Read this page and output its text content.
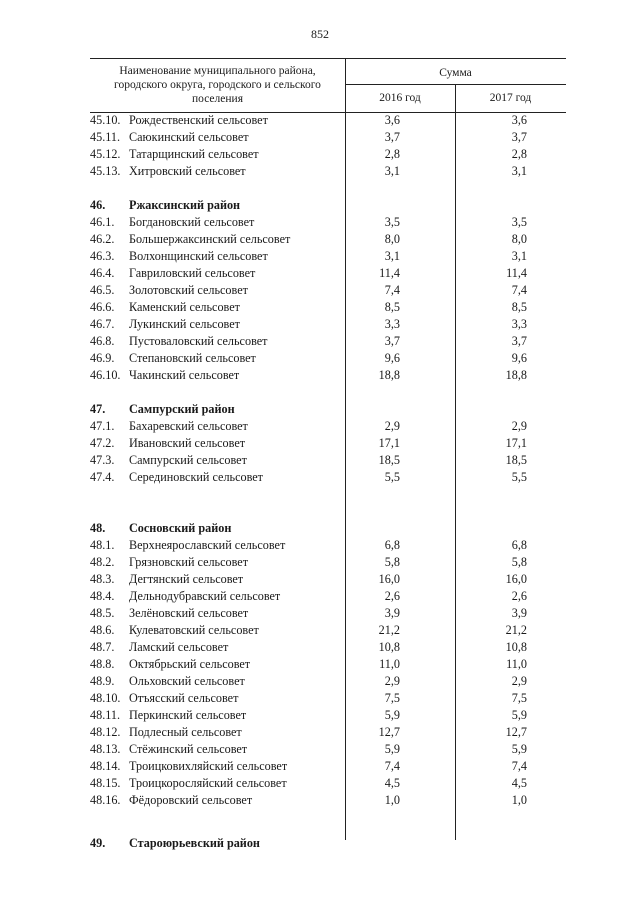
852
Наименование муниципального района, городского округа, городского и сельского поселения
Сумма
2016 год	2017 год
45.10. Рождественский сельсовет	3,6	3,6
45.11. Саюкинский сельсовет	3,7	3,7
45.12. Татарщинский сельсовет	2,8	2,8
45.13. Хитровский сельсовет	3,1	3,1
46. Ржаксинский район
46.1. Богдановский сельсовет	3,5	3,5
46.2. Большержаксинский сельсовет	8,0	8,0
46.3. Волхонщинский сельсовет	3,1	3,1
46.4. Гавриловский сельсовет	11,4	11,4
46.5. Золотовский сельсовет	7,4	7,4
46.6. Каменский сельсовет	8,5	8,5
46.7. Лукинский сельсовет	3,3	3,3
46.8. Пустоваловский сельсовет	3,7	3,7
46.9. Степановский сельсовет	9,6	9,6
46.10. Чакинский сельсовет	18,8	18,8
47. Сампурский район
47.1. Бахаревский сельсовет	2,9	2,9
47.2. Ивановский сельсовет	17,1	17,1
47.3. Сампурский сельсовет	18,5	18,5
47.4. Серединовский сельсовет	5,5	5,5
48. Сосновский район
48.1. Верхнеярославский сельсовет	6,8	6,8
48.2. Грязновский сельсовет	5,8	5,8
48.3. Дегтянский сельсовет	16,0	16,0
48.4. Дельнодубравский сельсовет	2,6	2,6
48.5. Зелёновский сельсовет	3,9	3,9
48.6. Кулеватовский сельсовет	21,2	21,2
48.7. Ламский сельсовет	10,8	10,8
48.8. Октябрьский сельсовет	11,0	11,0
48.9. Ольховский сельсовет	2,9	2,9
48.10. Отъясский сельсовет	7,5	7,5
48.11. Перкинский сельсовет	5,9	5,9
48.12. Подлесный сельсовет	12,7	12,7
48.13. Стёжинский сельсовет	5,9	5,9
48.14. Троицковихляйский сельсовет	7,4	7,4
48.15. Троицкоросляйский сельсовет	4,5	4,5
48.16. Фёдоровский сельсовет	1,0	1,0
49. Староюрьевский район
